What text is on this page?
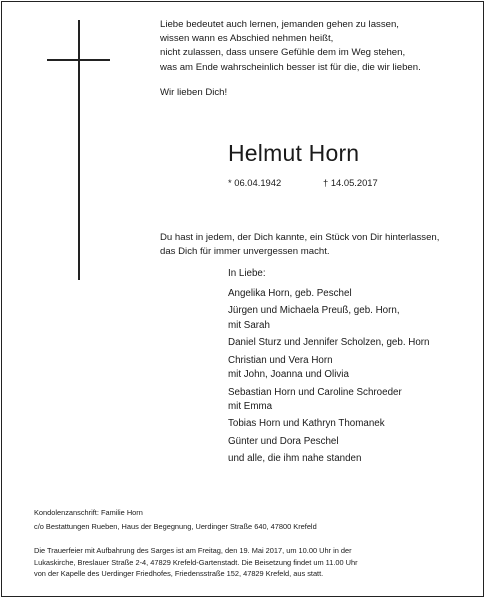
Liebe bedeutet auch lernen, jemanden gehen zu lassen,
wissen wann es Abschied nehmen heißt,
nicht zulassen, dass unsere Gefühle dem im Weg stehen,
was am Ende wahrscheinlich besser ist für die, die wir lieben.
Wir lieben Dich!
Helmut Horn
* 06.04.1942	† 14.05.2017
Du hast in jedem, der Dich kannte, ein Stück von Dir hinterlassen,
das Dich für immer unvergessen macht.
In Liebe:
Angelika Horn, geb. Peschel
Jürgen und Michaela Preuß, geb. Horn,
mit Sarah
Daniel Sturz und Jennifer Scholzen, geb. Horn
Christian und Vera Horn
mit John, Joanna und Olivia
Sebastian Horn und Caroline Schroeder
mit Emma
Tobias Horn und Kathryn Thomanek
Günter und Dora Peschel
und alle, die ihm nahe standen
Kondolenzanschrift: Familie Horn
c/o Bestattungen Rueben, Haus der Begegnung, Uerdinger Straße 640, 47800 Krefeld
Die Trauerfeier mit Aufbahrung des Sarges ist am Freitag, den 19. Mai 2017, um 10.00 Uhr in der
Lukaskirche, Breslauer Straße 2-4, 47829 Krefeld-Gartenstadt. Die Beisetzung findet um 11.00 Uhr
von der Kapelle des Uerdinger Friedhofes, Friedensstraße 152, 47829 Krefeld, aus statt.
